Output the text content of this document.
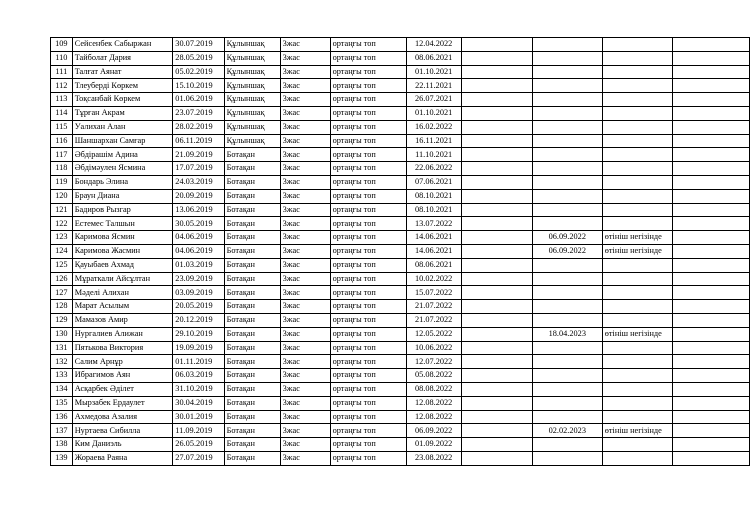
109	Сейсенбек Сабыржан	30.07.2019	Құлыншақ	3жас	ортаңғы топ	12.04.2022				
110	Тайболат Дария	28.05.2019	Құлыншақ	3жас	ортаңғы топ	08.06.2021				
111	Талғат Аянат	05.02.2019	Құлыншақ	3жас	ортаңғы топ	01.10.2021				
112	Тлеуберді Көркем	15.10.2019	Құлыншақ	3жас	ортаңғы топ	22.11.2021				
113	Тоқсанбай Көркем	01.06.2019	Құлыншақ	3жас	ортаңғы топ	26.07.2021				
114	Тұрған Акрам	23.07.2019	Құлыншақ	3жас	ортаңғы топ	01.10.2021				
115	Уалихан Алан	28.02.2019	Құлыншақ	3жас	ортаңғы топ	16.02.2022				
116	Шаншархан Самғар	06.11.2019	Құлыншақ	3жас	ортаңғы топ	16.11.2021				
117	Әбдірашім Адина	21.09.2019	Ботақан	3жас	ортаңғы топ	11.10.2021				
118	Әбдімәулен Ясмина	17.07.2019	Ботақан	3жас	ортаңғы топ	22.06.2022				
119	Бондарь Элина	24.03.2019	Ботақан	3жас	ортаңғы топ	07.06.2021				
120	Браун Диана	20.09.2019	Ботақан	3жас	ортаңғы топ	08.10.2021				
121	Бадиров Рызгар	13.06.2019	Ботақан	3жас	ортаңғы топ	08.10.2021				
122	Естемес Талшын	30.05.2019	Ботақан	3жас	ортаңғы топ	13.07.2022				
123	Каримова Ясмин	04.06.2019	Ботақан	3жас	ортаңғы топ	14.06.2021		06.09.2022	өтініш негізінде	
124	Каримова Жасмин	04.06.2019	Ботақан	3жас	ортаңғы топ	14.06.2021		06.09.2022	өтініш негізінде	
125	Қауыбаев Ахмад	01.03.2019	Ботақан	3жас	ортаңғы топ	08.06.2021				
126	Мұраткали Айсұлтан	23.09.2019	Ботақан	3жас	ортаңғы топ	10.02.2022				
127	Мәделі Алихан	03.09.2019	Ботақан	3жас	ортаңғы топ	15.07.2022				
128	Марат Асылым	20.05.2019	Ботақан	3жас	ортаңғы топ	21.07.2022				
129	Мамазов Амир	20.12.2019	Ботақан	3жас	ортаңғы топ	21.07.2022				
130	Нургалиев Алижан	29.10.2019	Ботақан	3жас	ортаңғы топ	12.05.2022		18.04.2023	өтініш негізінде	
131	Пятькова Виктория	19.09.2019	Ботақан	3жас	ортаңғы топ	10.06.2022				
132	Салим Арнұр	01.11.2019	Ботақан	3жас	ортаңғы топ	12.07.2022				
133	Ибрагимов Аян	06.03.2019	Ботақан	3жас	ортаңғы топ	05.08.2022				
134	Асқарбек Әділет	31.10.2019	Ботақан	3жас	ортаңғы топ	08.08.2022				
135	Мырзабек Ердаулет	30.04.2019	Ботақан	3жас	ортаңғы топ	12.08.2022				
136	Ахмедова Азалия	30.01.2019	Ботақан	3жас	ортаңғы топ	12.08.2022				
137	Нуртаева Сибилла	11.09.2019	Ботақан	3жас	ортаңғы топ	06.09.2022		02.02.2023	өтініш негізінде	
138	Ким Даниэль	26.05.2019	Ботақан	3жас	ортаңғы топ	01.09.2022				
139	Жораева Раяна	27.07.2019	Ботақан	3жас	ортаңғы топ	23.08.2022				
